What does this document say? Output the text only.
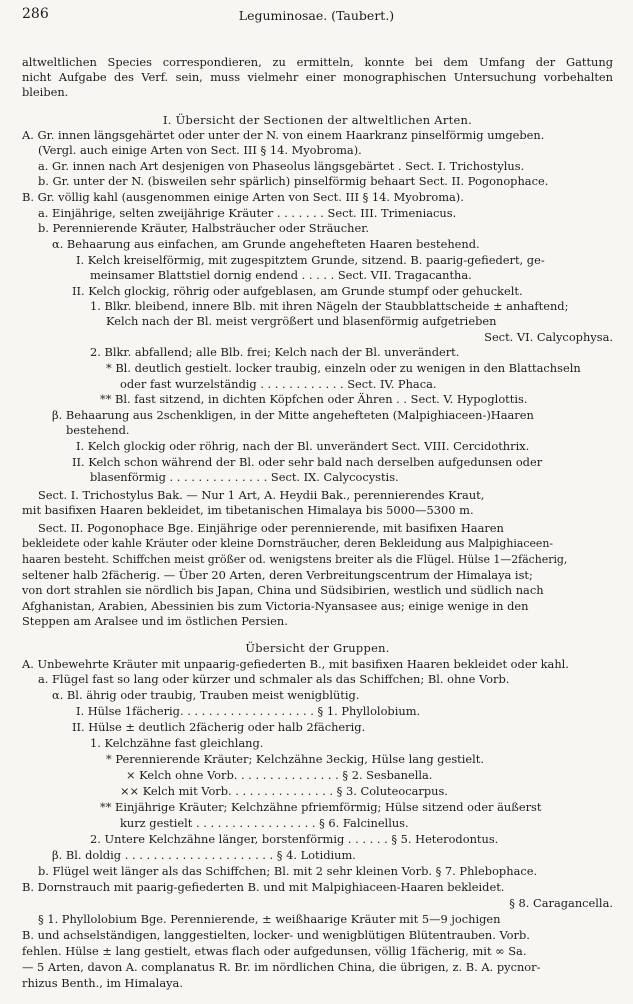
286	Leguminosae. (Taubert.)
altweltlichen Species correspondieren, zu ermitteln, konnte bei dem Umfang der Gattung
nicht Aufgabe des Verf. sein, muss vielmehr einer monographischen Untersuchung vorbehalten
bleiben.
I. Übersicht der Sectionen der altweltlichen Arten.
A. Gr. innen längsgehärtet oder unter der N. von einem Haarkranz pinselförmig umgeben.
(Vergl. auch einige Arten von Sect. III § 14. Myobroma).
a. Gr. innen nach Art desjenigen von Phaseolus längsgebärtet . Sect. I. Trichostylus.
b. Gr. unter der N. (bisweilen sehr spärlich) pinselförmig behaart Sect. II. Pogonophace.
B. Gr. völlig kahl (ausgenommen einige Arten von Sect. III § 14. Myobroma).
a. Einjährige, selten zweijährige Kräuter . . . . . . . Sect. III. Trimeniacus.
b. Perennierende Kräuter, Halbsträucher oder Sträucher.
α. Behaarung aus einfachen, am Grunde angehefteten Haaren bestehend.
I. Kelch kreiselförmig, mit zugespitztem Grunde, sitzend. B. paarig-gefiedert, ge-
meinsamer Blattstiel dornig endend . . . . . Sect. VII. Tragacantha.
II. Kelch glockig, röhrig oder aufgeblasen, am Grunde stumpf oder gehuckelt.
1. Blkr. bleibend, innere Blb. mit ihren Nägeln der Staubblattscheide ± anhaftend;
Kelch nach der Bl. meist vergrößert und blasenförmig aufgetrieben
Sect. VI. Calycophysa.
2. Blkr. abfallend; alle Blb. frei; Kelch nach der Bl. unverändert.
* Bl. deutlich gestielt. locker traubig, einzeln oder zu wenigen in den Blattachseln
oder fast wurzelständig . . . . . . . . . . . . Sect. IV. Phaca.
** Bl. fast sitzend, in dichten Köpfchen oder Ähren . . Sect. V. Hypoglottis.
β. Behaarung aus 2schenkligen, in der Mitte angehefteten (Malpighiaceen-)Haaren
bestehend.
I. Kelch glockig oder röhrig, nach der Bl. unverändert Sect. VIII. Cercidothrix.
II. Kelch schon während der Bl. oder sehr bald nach derselben aufgedunsen oder
blasenförmig . . . . . . . . . . . . . . Sect. IX. Calycocystis.
Sect. I. Trichostylus Bak. — Nur 1 Art, A. Heydii Bak., perennierendes Kraut,
mit basifixen Haaren bekleidet, im tibetanischen Himalaya bis 5000—5300 m.
Sect. II. Pogonophace Bge. Einjährige oder perennierende, mit basifixen Haaren
bekleidete oder kahle Kräuter oder kleine Dornsträucher, deren Bekleidung aus Malpighiaceen-
haaren besteht. Schiffchen meist größer od. wenigstens breiter als die Flügel. Hülse 1—2fächerig,
seltener halb 2fächerig. — Über 20 Arten, deren Verbreitungscentrum der Himalaya ist;
von dort strahlen sie nördlich bis Japan, China und Südsibirien, westlich und südlich nach
Afghanistan, Arabien, Abessinien bis zum Victoria-Nyansasee aus; einige wenige in den
Steppen am Aralsee und im östlichen Persien.
Übersicht der Gruppen.
A. Unbewehrte Kräuter mit unpaarig-gefiederten B., mit basifixen Haaren bekleidet oder kahl.
a. Flügel fast so lang oder kürzer und schmaler als das Schiffchen; Bl. ohne Vorb.
α. Bl. ährig oder traubig, Trauben meist wenigblütig.
I. Hülse 1fächerig. . . . . . . . . . . . . . . . . . . § 1. Phyllolobium.
II. Hülse ± deutlich 2fächerig oder halb 2fächerig.
1. Kelchzähne fast gleichlang.
* Perennierende Kräuter; Kelchzähne 3eckig, Hülse lang gestielt.
⨯ Kelch ohne Vorb. . . . . . . . . . . . . . . § 2. Sesbanella.
⨯⨯ Kelch mit Vorb. . . . . . . . . . . . . . . § 3. Coluteocarpus.
** Einjährige Kräuter; Kelchzähne pfriemförmig; Hülse sitzend oder äußerst
kurz gestielt . . . . . . . . . . . . . . . . . § 6. Falcinellus.
2. Untere Kelchzähne länger, borstenförmig . . . . . . § 5. Heterodontus.
β. Bl. doldig . . . . . . . . . . . . . . . . . . . . . § 4. Lotidium.
b. Flügel weit länger als das Schiffchen; Bl. mit 2 sehr kleinen Vorb. § 7. Phlebophace.
B. Dornstrauch mit paarig-gefiederten B. und mit Malpighiaceen-Haaren bekleidet.
§ 8. Caragancella.
§ 1. Phyllolobium Bge. Perennierende, ± weißhaarige Kräuter mit 5—9 jochigen
B. und achselständigen, langgestielten, locker- und wenigblütigen Blütentrauben. Vorb.
fehlen. Hülse ± lang gestielt, etwas flach oder aufgedunsen, völlig 1fächerig, mit ∞ Sa.
— 5 Arten, davon A. complanatus R. Br. im nördlichen China, die übrigen, z. B. A. pycnor-
rhizus Benth., im Himalaya.
